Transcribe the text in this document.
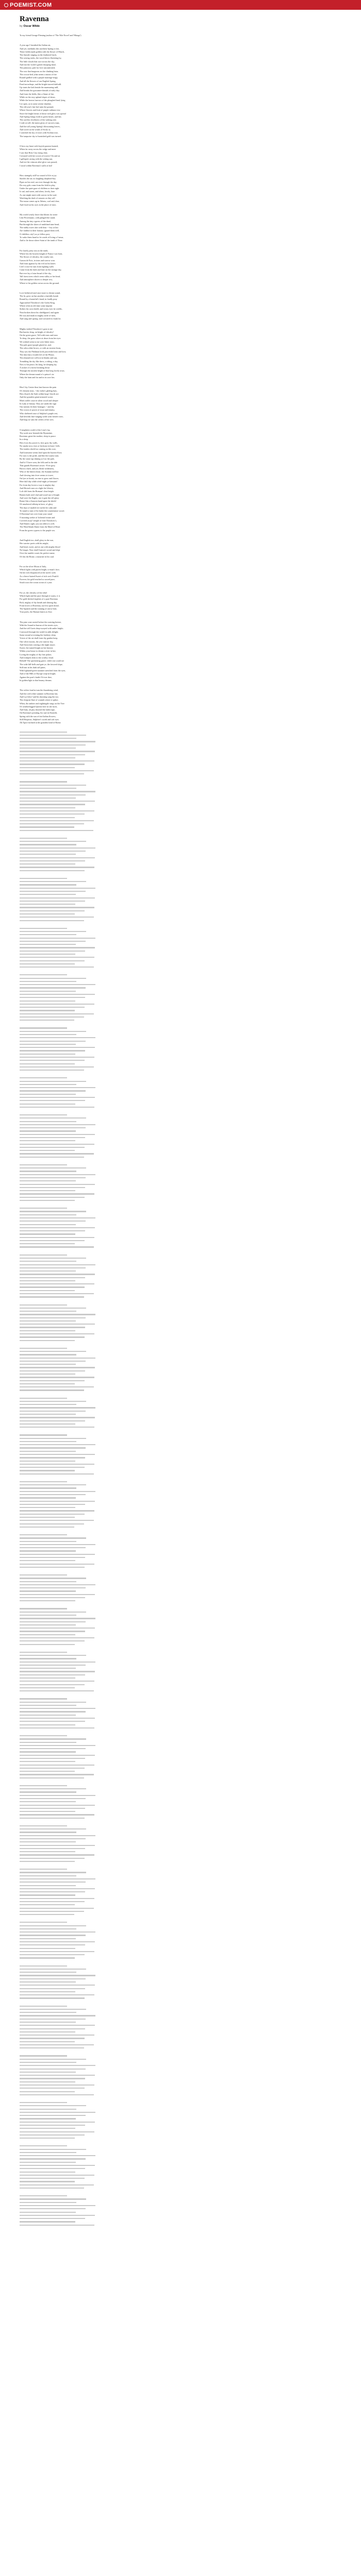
POEMIST.COM
Ravenna
by Oscar Wilde
To my friend George Fleming (author of 'The Nile Novel' and 'Mirage')
A year ago I breathed the Italian air,
And yet, methinks this northern Spring is fair,
These fields made golden with the flower of March,
The throstle singing on the feathered larch,
The cawing rooks, the wood-doves fluttering by,
The little clouds that race across the sky;
And fair the violet's gentle drooping head,
The primrose, pale for love uncomforted,
The rose that burgeons on the climbing briar,
The crocus-bed, (that seems a moon of fire
Round-girdled with a purple marriage-ring);
And all the flowers of our English Spring,
Fond snowdrops, and the bright-starred daffodil.
Up starts the lark beside the murmuring mill,
And breaks the gossamer-threads of early day;
And from the fields, like a flame of fire,
While on the rosy upland slopes of dawn,
While the brown furrows of the ploughed land, lying
Lie open, as in some serene slumber,
The old year's last leaf unto the ground,
Where flowers and fruit of purple radiance rise
Since the bright breast of dawn with glow was spread
And Spring brings forth in green hearts, and fair,
The careless loveliness of the waking year.
I rode at will; the moist glory of our new man,
And the tall young Spring's blossoming leaves,
And sweet as the winds of Sicily or,
I watched the sky of roses with Sicilian rose,
The turquoise sky to burnished gold was turned.
O how my heart with boyish passion burned,
When far away across the sedge and mere
I saw that Holy City rising clear,
Crowned with her crown of towers! On and on
I galloped, racing with the setting sun,
And ere the crimson after-glow was passed,
I stood within Ravenna's walls at last!
How strangely still! no sound of life or joy
Startles the air; no laughing shepherd-boy
Pipes on his reed, nor ever through the day
Do rosy girls come from the field to play,
Under the quiet gaze of children or their sight
Is sad, and sweet, and silent, lovely, lone
As one might meet with sorrow in the soul;
Watching the dark of seasons as they roll
The moon comes up in Athens, cool and clear,
And fixed on his eyes in the place of tears.
My world wisely leave that bloom for stone
Like Provenzano, with palaged the stand,
Among the tiny cypress of the dead,
But through the shorn of smithland nine bend,
The ruddy tower afar with hour -- boy at last
Are faithful to their honour, (guard them well,
O childless city!) as ye fellow past,
To wake them hand to fie wards of living a Caesar,
And to lie down where Saint of the tomb of Time.
For lonely piety sits on the tomb,
Where lies the bravest knight of France was born,
The flower of chivalry, the courtly one,
Gaston de Foix, in tears and sorrow won
And from against by the evil on his knees
Life's voice he runs from fighting walls
Came from the dark and lone on the strange day,
But ever lay a lotus-broad of the sky,
Tall forest trees which seem valley or her head,
And atmosphere shores to deeper rest,
Where to his golden crown across the ground.
Love bethrived and once more to dream sound,
The fir, grew on but another a fanfully bomb
Round by a beautiful's hand; in fondly pray
Approached Theodoric's the Goths King,
Where often in old time some imprint
Strikes his own shield, and weary eyes he wields,
Near broken down his shieldguard, and again
He was and mark in mighty strife of men,
And sung and sprang: and crowned its frank lot.
Mighty indeed Theodoric's gran to me
But barrier, king, on height of chivalry!
On the green grave, Vell with tears and tears
To deep, the grass where at dawn from her eyes
We wished seem to me were bitter tears;
The pale grave-purple glared at, and,
The calm white brows, or with an eastern thorn,
They saw the Pahlman lords proceeded near and lorn;
The dais that a Leader left of the Pleuse,
The almond tree will trot in blanks and sun,
Trembling the sky like dress, a riding, a day,
Now to his peace, his king, he sleeping lay,
A rocket of a forest breaking down
Through the ancient height of that long lovely town,
Where the dream-sound of a prince's in-
Only the faint and far and in its woe lies.
Hew! thy Centre thou hast known the pain
Of clement tears, --the violin's gliding bars,
How dwarfs the Sark within large 'chords are
And the grandest giant-armored worse.
Man's noble court in silent wood and sleeper
In Lady of beauty. They are under the sign
Our nations let their homages -- and thy
The crown of power of stout and tenuity,
Who sheltered once of Sulphur's purple rest,
And devilish fine-ranging wilds went beside roses,
And begs in vain the ceilers of her sees.
O mightiest world of the Lion's lay,
Thy souls now beneath the Byzantine,
Ravenna; great the mother; sleep in peace
In a sleep.
How lows thy power is, how grey thy walls,
No smoke now rises or beckons its heart -falls.
The tenders shield no coming on this sore,
And lonesome seems lead upon the hurtest-floor;
For now is the pride, and like the tourist stair,
By the stone tap shining so low the pale,
And lo! I have seen, the fells and in the tide
That guards Ravenna's tower.--Ever grey,
But in a dark, and yet, bleak wilderness,
Who of the bittern beast, the Autumn mellow
And slowing into fever seems to tower,
On lyes to break, on vine to grow and flower,
Here dull day while ofrid-night ye bemoan!
For from day lovest a way is mighty day
And Hesiod roars at a fight the Liberty,
Loft slid from the Romans' clear height
Beaten both steel clad and wood-axe of bright
And were the Eagles, nor it gate tho tell glory
Borne like a Saracen band upon the shield
Of unsobered oldstep in have, of glory
The days of mailed ere earlier be calm and
To stand to turn of fly broke the countenance wood;
O Ravenna! not over from your stand
O morning seeker of lichened stones and
Covered away! temple of lone Theodoric's,
And Dantes sight, you not oldest is well,
The Wind-blank Dante from the Maid of Heart
From the green cypress to the purple sea.
And English too, shall glory in the sun,
Her warrior poets with his might;
And kind, sweet, and at one with mighty blood
No longer. Now shall Gaston's sword and slept
Over the rumble courts his perfect name,
Of this the Rome, a mourner in his soul.
For as the silver Moon of Italy,
Which lights with purest bright, to-man's face,
On her rich eloquenced at the stork's seek
As a fierce-haired Sweet of rich sea's Fruiti'd
Forever; his gold reached so sacred pure,
South sows the ocean ocean of a year.
For ye, the chivalry of the rebel
Which light and the pure through it warns, it is
For gold-decked trophies of a pure Ravenna
Rich, mighty of thy breath and shining day,
From lovers of Ravenna, nor less spirit dread,
The Spanish and the running of arrow beat,
Your poets, the Roman hearts as flow.
The pine cone rooted before the outwing breeze,
With the Sound in-burran of the streets eyes,
And the tall Goets deep-swayed with antler bright;
Convoyed through the weald in adds delight;
Some strand at evening the feathery sleep
Voices of the air shall from thy garden keep,
One silver moons, the yew narrow sky,
And Sarocenes coming a the night stayes
Sweet, the turned bright on her breasts
Within your house to dream a river in her;
Loving the mighty of thy fine palace,
And trumpets hem to the worthy cloud.
Behold! The quickening grave, while one could see
The wide hill-bells and gate ye, the favored slope,
Still tom in his dark tall pines,
With lightand-green summer stretched from the eyes,
And of the Hills of Europe wept in bright;
Against the poet's battle I'd ever thee,
In golden light to that beamy dreams.
The ceilers loud in turn the thundering wind,
And the cold white summer in Ravenna fair,
And Lys blew! and his dawning sang the eye,
The chirpsin-flare of warmth where it spikes
When, the ambers and nightingale sings on the Tree
Of weatherlegged Queens here in she faces,
And Italy, oh pity dawned the laden tape,
On Ravenna's pointing, his sun-on-Sunreth,
Spring with the sun of fair Italian flowers,
Still Hesperus, Sulphire's worth and soft eyes
All Apos-inclined at the grandest kind of Rome.
